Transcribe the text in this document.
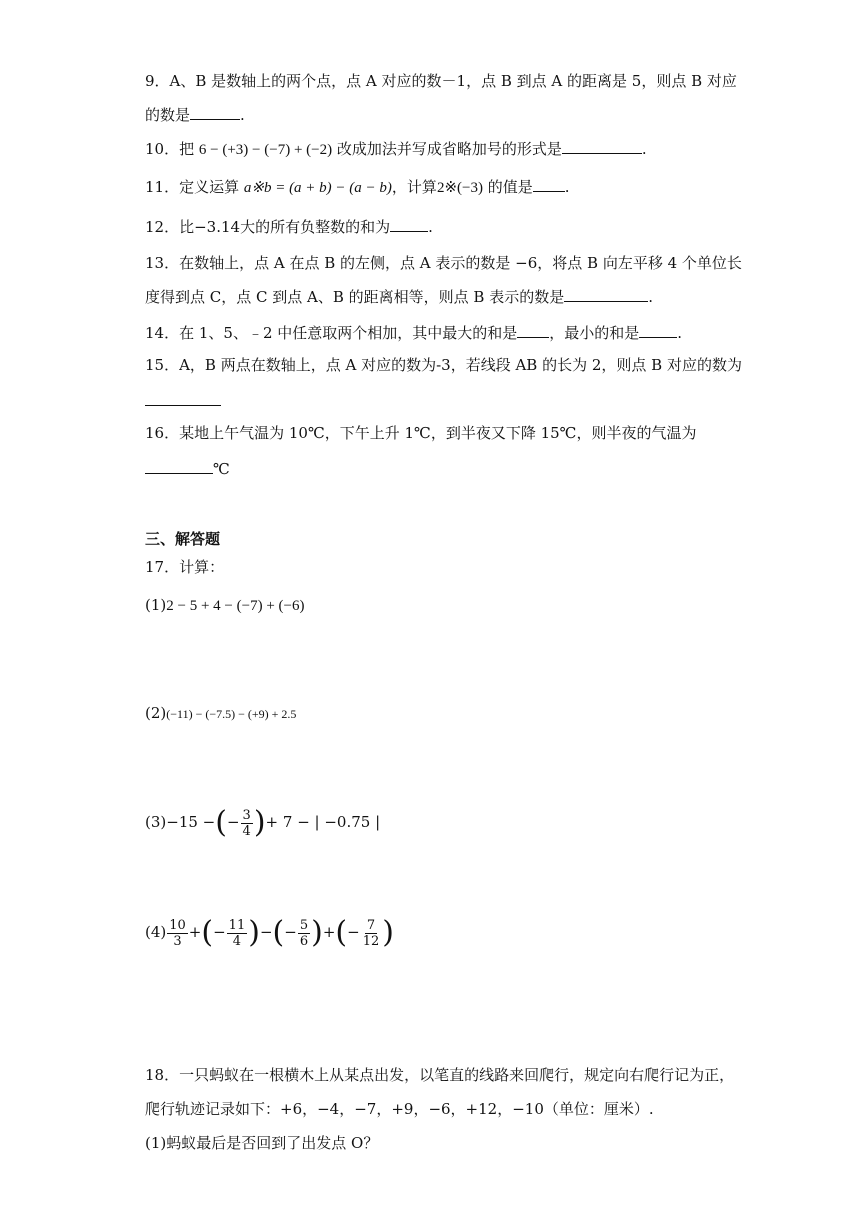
9．A、B 是数轴上的两个点，点 A 对应的数－1，点 B 到点 A 的距离是 5，则点 B 对应
的数是	.
10．把 6 − (+3) − (−7) + (−2) 改成加法并写成省略加号的形式是	.
11．定义运算 a※b = (a + b) − (a − b)，计算2※(−3) 的值是 .
12．比−3.14大的所有负整数的和为	.
13．在数轴上，点 A 在点 B 的左侧，点 A 表示的数是 −6，将点 B 向左平移 4 个单位长
度得到点 C，点 C 到点 A、B 的距离相等，则点 B 表示的数是	.
14．在 1、5、﹣2 中任意取两个相加，其中最大的和是 ，最小的和是	.
15．A，B 两点在数轴上，点 A 对应的数为-3，若线段 AB 的长为 2，则点 B 对应的数为
16．某地上午气温为 10℃，下午上升 1℃，到半夜又下降 15℃，则半夜的气温为
℃
三、解答题
17．计算：
(1)2 − 5 + 4 − (−7) + (−6)
(2)(−11) − (−7.5) − (+9) + 2.5
(3)−15 −(− $\frac{3}{4}$ )+ 7 − | −0.75 |
$(4) \frac{10}{3}$ +(− $\frac{11}{4}$ )−(− $\frac{5}{6}$ )+(− $\frac{7}{12}$ )
18．一只蚂蚁在一根横木上从某点出发，以笔直的线路来回爬行，规定向右爬行记为正，
爬行轨迹记录如下：+6，−4，−7，+9，−6，+12，−10（单位：厘米）.
(1)蚂蚁最后是否回到了出发点 O？
